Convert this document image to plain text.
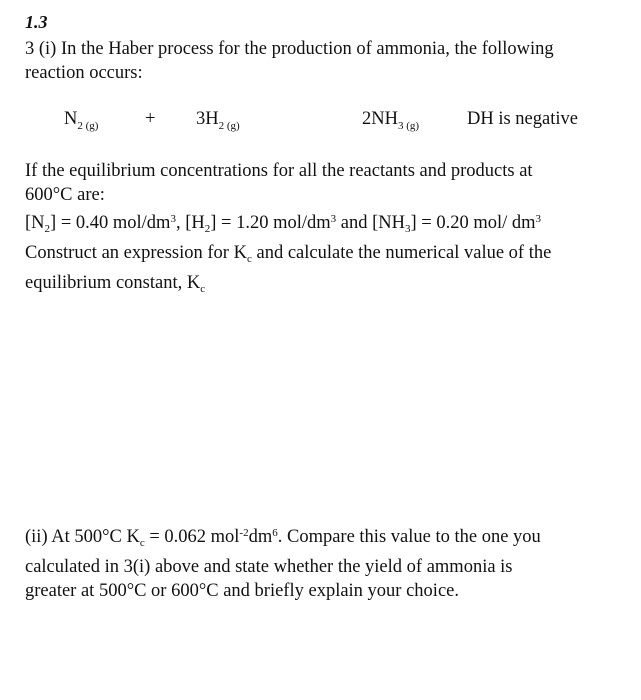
1.3
3 (i) In the Haber process for the production of ammonia, the following
reaction occurs:
$N_2$ $_{(g)}$	+ $3H_2$ $_{(g)}$	$2NH_3$ $_{(g)}$	DH is negative
If the equilibrium concentrations for all the reactants and products at
600°C are:
$[N_2] = 0.40$ mol/$dm^3$, $[H_2] = 1.20$ mol/$dm^3$ and $[NH_3] = 0.20$ mol/ $dm^3$
Construct an expression for $K_c$ and calculate the numerical value of the
equilibrium constant, $K_c$
(ii) At 500°C $K_c = 0.062$ $mol^{-2}dm^6$. Compare this value to the one you
calculated in 3(i) above and state whether the yield of ammonia is
greater at 500°C or 600°C and briefly explain your choice.
